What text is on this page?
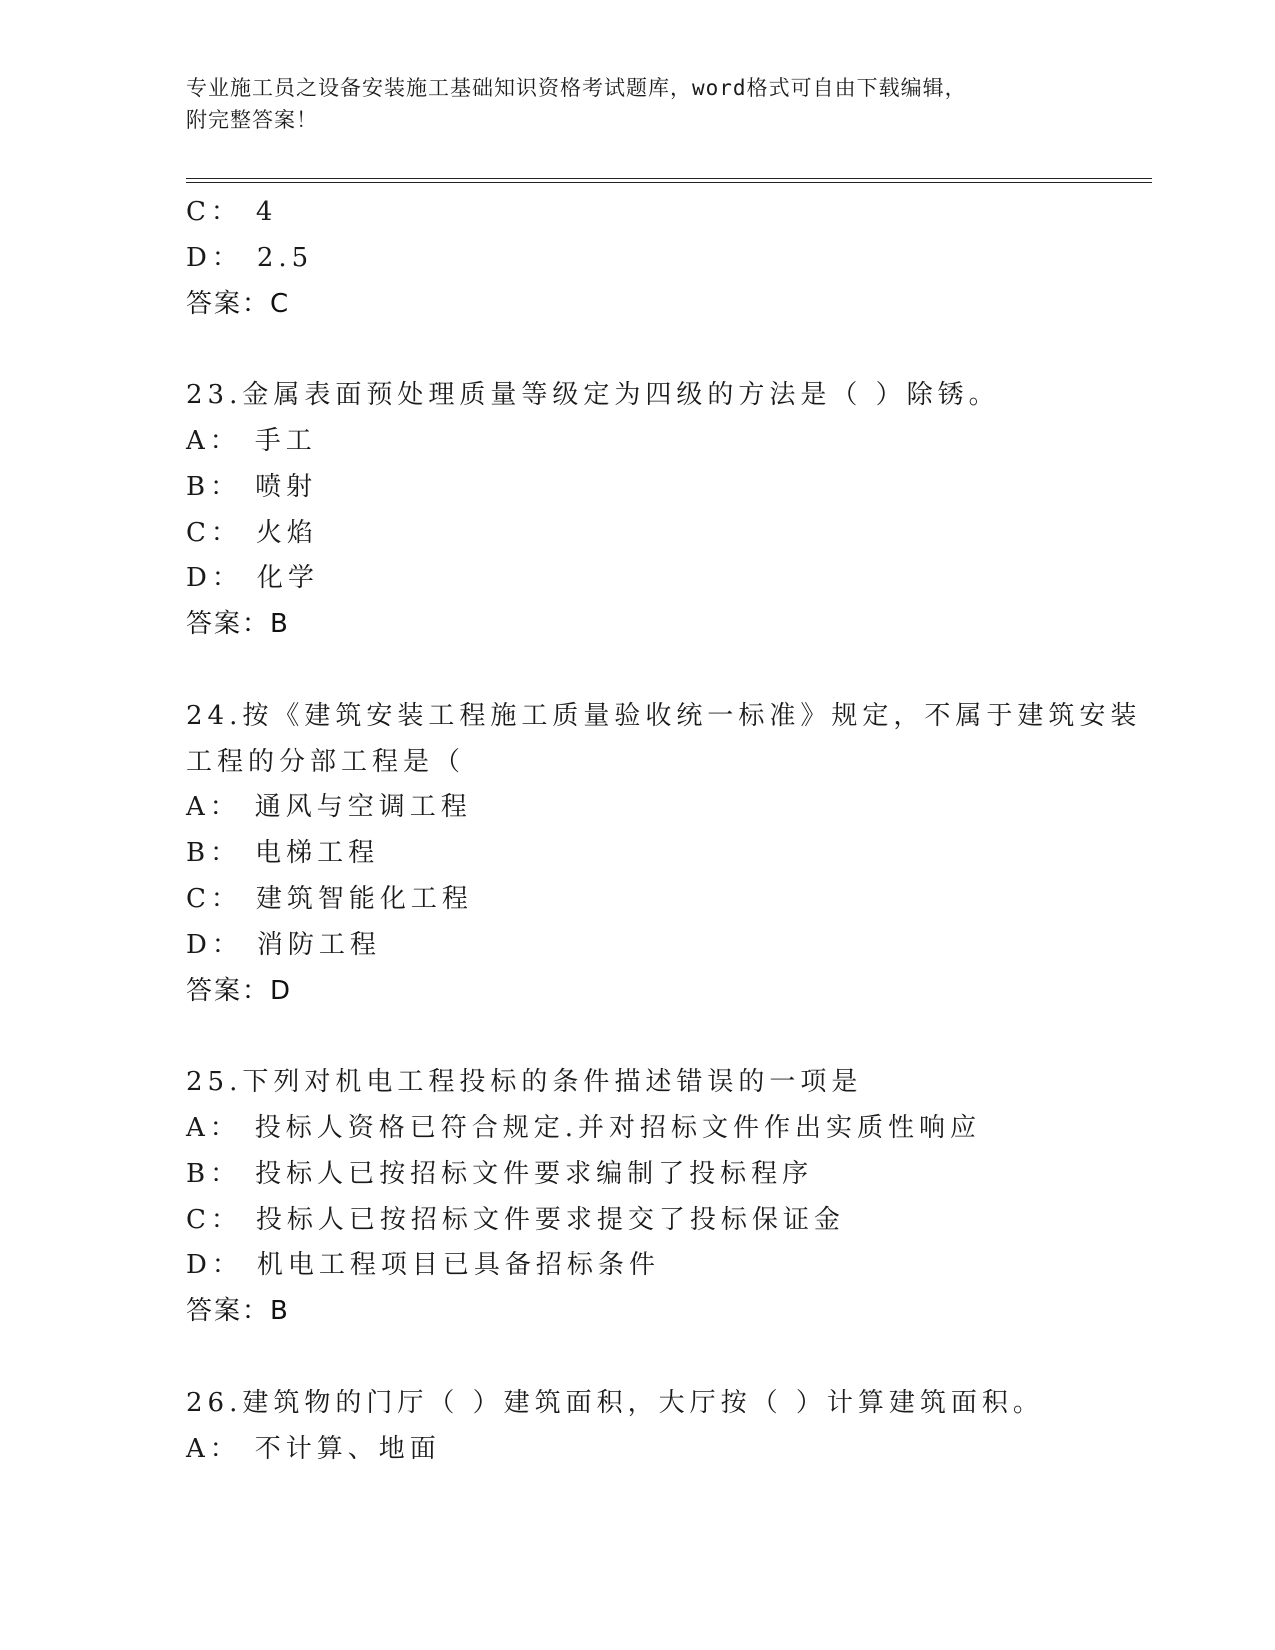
专业施工员之设备安装施工基础知识资格考试题库，word格式可自由下载编辑，
附完整答案！
C： 4
D： 2.5
答案：C
23.金属表面预处理质量等级定为四级的方法是（ ）除锈。
A： 手工
B： 喷射
C： 火焰
D： 化学
答案：B
24.按《建筑安装工程施工质量验收统一标准》规定，不属于建筑安装
工程的分部工程是（
A： 通风与空调工程
B： 电梯工程
C： 建筑智能化工程
D： 消防工程
答案：D
25.下列对机电工程投标的条件描述错误的一项是
A： 投标人资格已符合规定.并对招标文件作出实质性响应
B： 投标人已按招标文件要求编制了投标程序
C： 投标人已按招标文件要求提交了投标保证金
D： 机电工程项目已具备招标条件
答案：B
26.建筑物的门厅（ ）建筑面积，大厅按（ ）计算建筑面积。
A： 不计算、地面
